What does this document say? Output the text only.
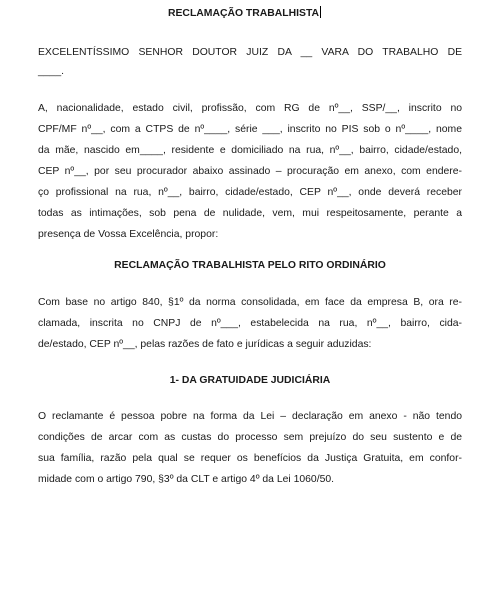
RECLAMAÇÃO TRABALHISTA
EXCELENTÍSSIMO SENHOR DOUTOR JUIZ DA __ VARA DO TRABALHO DE
____.
A, nacionalidade, estado civil, profissão, com RG de nº__, SSP/__, inscrito no
CPF/MF nº__, com a CTPS de nº____, série ___, inscrito no PIS sob o nº____, nome
da mãe, nascido em____, residente e domiciliado na rua, nº__, bairro, cidade/estado,
CEP nº__, por seu procurador abaixo assinado – procuração em anexo, com endere-
ço profissional na rua, nº__, bairro, cidade/estado, CEP nº__, onde deverá receber
todas as intimações, sob pena de nulidade, vem, mui respeitosamente, perante a
presença de Vossa Excelência, propor:
RECLAMAÇÃO TRABALHISTA PELO RITO ORDINÁRIO
Com base no artigo 840, §1º da norma consolidada, em face da empresa B, ora re-
clamada, inscrita no CNPJ de nº___, estabelecida na rua, nº__, bairro, cida-
de/estado, CEP nº__, pelas razões de fato e jurídicas a seguir aduzidas:
1- DA GRATUIDADE JUDICIÁRIA
O reclamante é pessoa pobre na forma da Lei – declaração em anexo - não tendo
condições de arcar com as custas do processo sem prejuízo do seu sustento e de
sua família, razão pela qual se requer os benefícios da Justiça Gratuita, em confor-
midade com o artigo 790, §3º da CLT e artigo 4º da Lei 1060/50.
